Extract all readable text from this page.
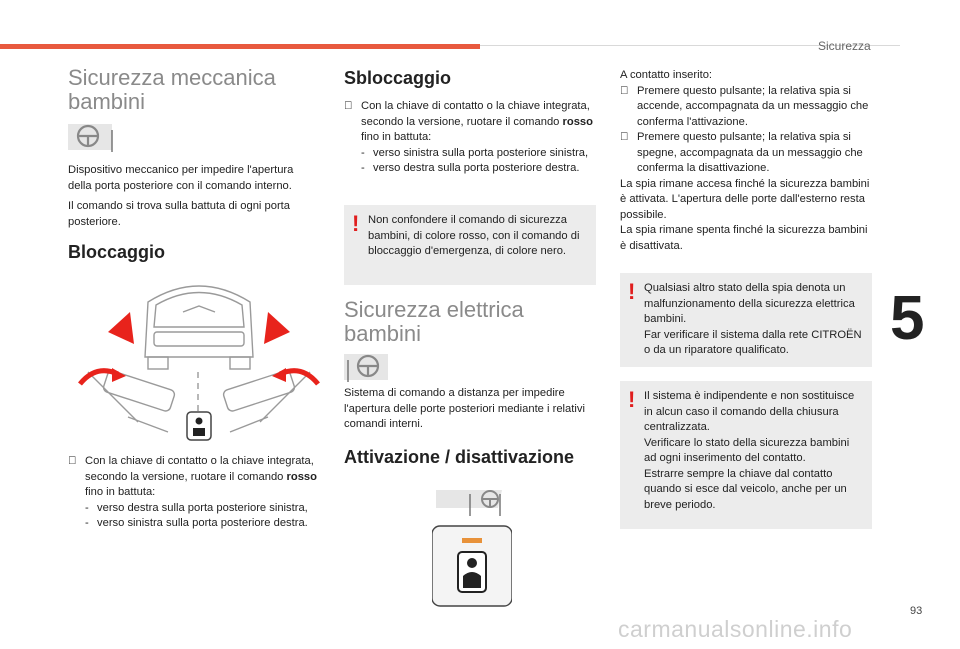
Sicurezza
5
93
carmanualsonline.info
Sicurezza meccanica bambini

Dispositivo meccanico per impedire l'apertura della porta posteriore con il comando interno.

Il comando si trova sulla battuta di ogni porta posteriore.

Bloccaggio
Con la chiave di contatto o la chiave integrata, secondo la versione, ruotare il comando rosso fino in battuta:
- verso destra sulla porta posteriore sinistra,
- verso sinistra sulla porta posteriore destra.
Sbloccaggio
Con la chiave di contatto o la chiave integrata, secondo la versione, ruotare il comando rosso fino in battuta:
- verso sinistra sulla porta posteriore sinistra,
- verso destra sulla porta posteriore destra.
! Non confondere il comando di sicurezza bambini, di colore rosso, con il comando di bloccaggio d'emergenza, di colore nero.

Sicurezza elettrica bambini

Sistema di comando a distanza per impedire l'apertura delle porte posteriori mediante i relativi comandi interni.

Attivazione / disattivazione

A contatto inserito:

Premere questo pulsante; la relativa spia si accende, accompagnata da un messaggio che conferma l'attivazione.
Premere questo pulsante; la relativa spia si spegne, accompagnata da un messaggio che conferma la disattivazione.

La spia rimane accesa finché la sicurezza bambini è attivata. L'apertura delle porte dall'esterno resta possibile.

La spia rimane spenta finché la sicurezza bambini è disattivata.

! Qualsiasi altro stato della spia denota un malfunzionamento della sicurezza elettrica bambini.
Far verificare il sistema dalla rete CITROËN o da un riparatore qualificato.

! Il sistema è indipendente e non sostituisce in alcun caso il comando della chiusura centralizzata.
Verificare lo stato della sicurezza bambini ad ogni inserimento del contatto.
Estrarre sempre la chiave dal contatto quando si esce dal veicolo, anche per un breve periodo.
